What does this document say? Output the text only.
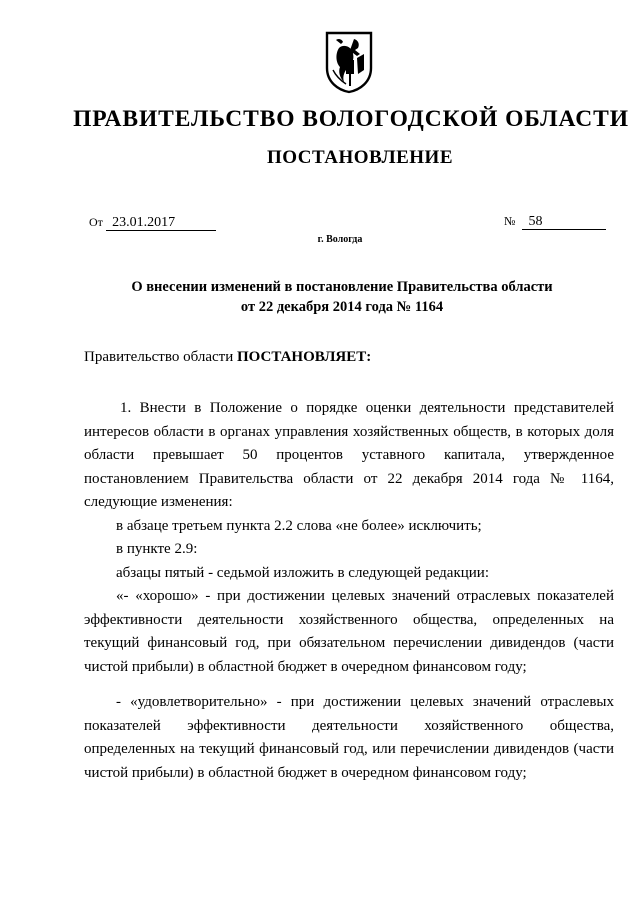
ПРАВИТЕЛЬСТВО ВОЛОГОДСКОЙ ОБЛАСТИ
ПОСТАНОВЛЕНИЕ
От 23.01.2017	№ 58
г. Вологда
О внесении изменений в постановление Правительства области
от 22 декабря 2014 года № 1164
Правительство области ПОСТАНОВЛЯЕТ:

1. Внести в Положение о порядке оценки деятельности представителей интересов области в органах управления хозяйственных обществ, в которых доля области превышает 50 процентов уставного капитала, утвержденное постановлением Правительства области от 22 декабря 2014 года № 1164, следующие изменения:

в абзаце третьем пункта 2.2 слова «не более» исключить;

в пункте 2.9:

абзацы пятый - седьмой изложить в следующей редакции:

«- «хорошо» - при достижении целевых значений отраслевых показателей эффективности деятельности хозяйственного общества, определенных на текущий финансовый год, при обязательном перечислении дивидендов (части чистой прибыли) в областной бюджет в очередном финансовом году;

- «удовлетворительно» - при достижении целевых значений отраслевых показателей эффективности деятельности хозяйственного общества, определенных на текущий финансовый год, или перечислении дивидендов (части чистой прибыли) в областной бюджет в очередном финансовом году;
